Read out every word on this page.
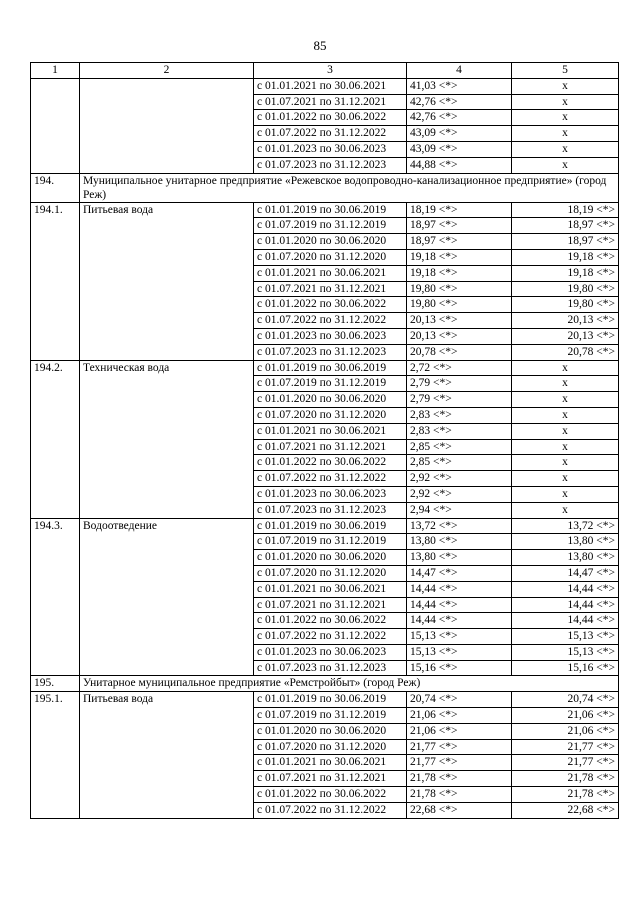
85
1	2	3	4	5
		с 01.01.2021 по 30.06.2021	41,03 <*>	x
		с 01.07.2021 по 31.12.2021	42,76 <*>	x
		с 01.01.2022 по 30.06.2022	42,76 <*>	x
		с 01.07.2022 по 31.12.2022	43,09 <*>	x
		с 01.01.2023 по 30.06.2023	43,09 <*>	x
		с 01.07.2023 по 31.12.2023	44,88 <*>	x
194.	Муниципальное унитарное предприятие «Режевское водопроводно-канализационное предприятие» (город Реж)			
194.1.	Питьевая вода	с 01.01.2019 по 30.06.2019	18,19 <*>	18,19 <*>
		с 01.07.2019 по 31.12.2019	18,97 <*>	18,97 <*>
		с 01.01.2020 по 30.06.2020	18,97 <*>	18,97 <*>
		с 01.07.2020 по 31.12.2020	19,18 <*>	19,18 <*>
		с 01.01.2021 по 30.06.2021	19,18 <*>	19,18 <*>
		с 01.07.2021 по 31.12.2021	19,80 <*>	19,80 <*>
		с 01.01.2022 по 30.06.2022	19,80 <*>	19,80 <*>
		с 01.07.2022 по 31.12.2022	20,13 <*>	20,13 <*>
		с 01.01.2023 по 30.06.2023	20,13 <*>	20,13 <*>
		с 01.07.2023 по 31.12.2023	20,78 <*>	20,78 <*>
194.2.	Техническая вода	с 01.01.2019 по 30.06.2019	2,72 <*>	x
		с 01.07.2019 по 31.12.2019	2,79 <*>	x
		с 01.01.2020 по 30.06.2020	2,79 <*>	x
		с 01.07.2020 по 31.12.2020	2,83 <*>	x
		с 01.01.2021 по 30.06.2021	2,83 <*>	x
		с 01.07.2021 по 31.12.2021	2,85 <*>	x
		с 01.01.2022 по 30.06.2022	2,85 <*>	x
		с 01.07.2022 по 31.12.2022	2,92 <*>	x
		с 01.01.2023 по 30.06.2023	2,92 <*>	x
		с 01.07.2023 по 31.12.2023	2,94 <*>	x
194.3.	Водоотведение	с 01.01.2019 по 30.06.2019	13,72 <*>	13,72 <*>
		с 01.07.2019 по 31.12.2019	13,80 <*>	13,80 <*>
		с 01.01.2020 по 30.06.2020	13,80 <*>	13,80 <*>
		с 01.07.2020 по 31.12.2020	14,47 <*>	14,47 <*>
		с 01.01.2021 по 30.06.2021	14,44 <*>	14,44 <*>
		с 01.07.2021 по 31.12.2021	14,44 <*>	14,44 <*>
		с 01.01.2022 по 30.06.2022	14,44 <*>	14,44 <*>
		с 01.07.2022 по 31.12.2022	15,13 <*>	15,13 <*>
		с 01.01.2023 по 30.06.2023	15,13 <*>	15,13 <*>
		с 01.07.2023 по 31.12.2023	15,16 <*>	15,16 <*>
195.	Унитарное муниципальное предприятие «Ремстройбыт» (город Реж)			
195.1.	Питьевая вода	с 01.01.2019 по 30.06.2019	20,74 <*>	20,74 <*>
		с 01.07.2019 по 31.12.2019	21,06 <*>	21,06 <*>
		с 01.01.2020 по 30.06.2020	21,06 <*>	21,06 <*>
		с 01.07.2020 по 31.12.2020	21,77 <*>	21,77 <*>
		с 01.01.2021 по 30.06.2021	21,77 <*>	21,77 <*>
		с 01.07.2021 по 31.12.2021	21,78 <*>	21,78 <*>
		с 01.01.2022 по 30.06.2022	21,78 <*>	21,78 <*>
		с 01.07.2022 по 31.12.2022	22,68 <*>	22,68 <*>
